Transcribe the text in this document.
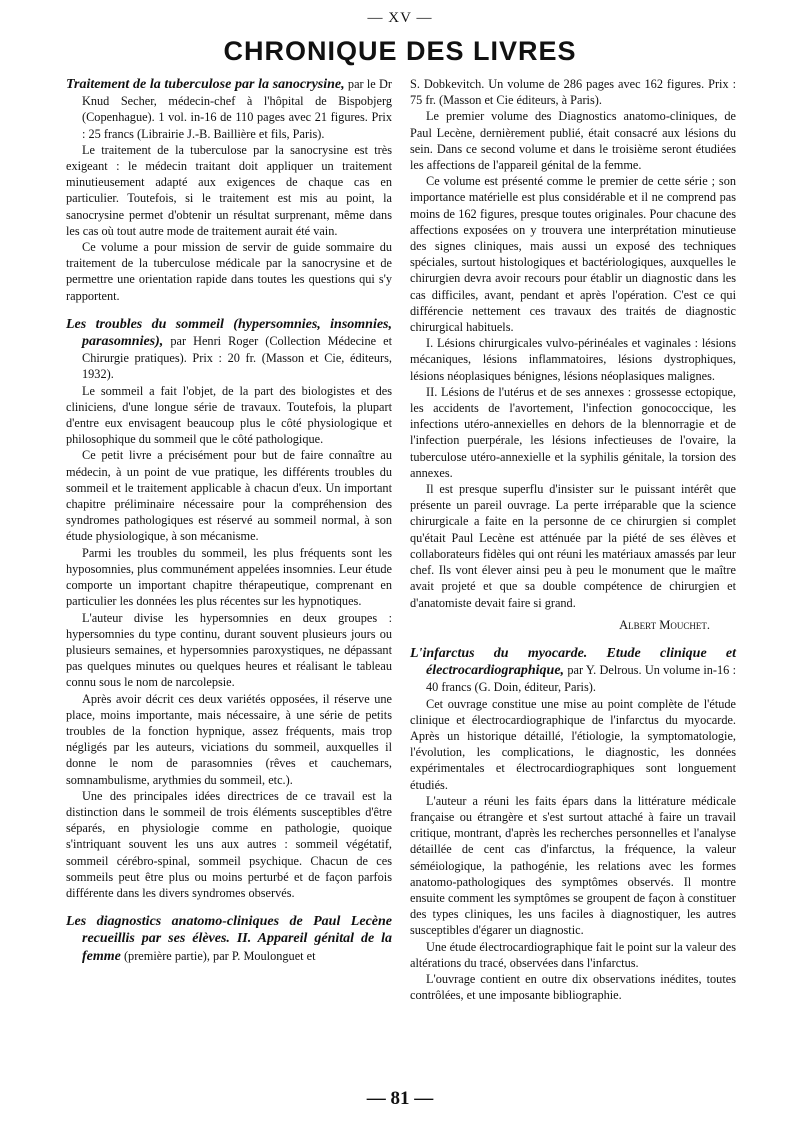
— XV —
CHRONIQUE DES LIVRES

Traitement de la tuberculose par la sanocrysine, par le Dr Knud Secher, médecin-chef à l'hôpital de Bispobjerg (Copenhague). 1 vol. in-16 de 110 pages avec 21 figures. Prix : 25 francs (Librairie J.-B. Baillière et fils, Paris).

Le traitement de la tuberculose par la sanocrysine est très exigeant : le médecin traitant doit appliquer un traitement minutieusement adapté aux exigences de chaque cas en particulier. Toutefois, si le traitement est mis au point, la sanocrysine permet d'obtenir un résultat surprenant, même dans les cas où tout autre mode de traitement aurait été vain.

Ce volume a pour mission de servir de guide sommaire du traitement de la tuberculose médicale par la sanocrysine et de permettre une orientation rapide dans toutes les questions qui s'y rapportent.

Les troubles du sommeil (hypersomnies, insomnies, parasomnies), par Henri Roger (Collection Médecine et Chirurgie pratiques). Prix : 20 fr. (Masson et Cie, éditeurs, 1932).

Le sommeil a fait l'objet, de la part des biologistes et des cliniciens, d'une longue série de travaux. Toutefois, la plupart d'entre eux envisagent beaucoup plus le côté physiologique et philosophique du sommeil que le côté pathologique.

Ce petit livre a précisément pour but de faire connaître au médecin, à un point de vue pratique, les différents troubles du sommeil et le traitement applicable à chacun d'eux. Un important chapitre préliminaire nécessaire pour la compréhension des syndromes pathologiques est réservé au sommeil normal, à son étude physiologique, à son mécanisme.

Parmi les troubles du sommeil, les plus fréquents sont les hyposomnies, plus communément appelées insomnies. Leur étude comporte un important chapitre thérapeutique, comprenant en particulier les données les plus récentes sur les hypnotiques.

L'auteur divise les hypersomnies en deux groupes : hypersomnies du type continu, durant souvent plusieurs jours ou plusieurs semaines, et hypersomnies paroxystiques, ne dépassant pas quelques minutes ou quelques heures et réalisant le tableau connu sous le nom de narcolepsie.

Après avoir décrit ces deux variétés opposées, il réserve une place, moins importante, mais nécessaire, à une série de petits troubles de la fonction hypnique, assez fréquents, mais trop négligés par les auteurs, viciations du sommeil, auxquelles il donne le nom de parasomnies (rêves et cauchemars, somnambulisme, arythmies du sommeil, etc.).

Une des principales idées directrices de ce travail est la distinction dans le sommeil de trois éléments susceptibles d'être séparés, en physiologie comme en pathologie, quoique s'intriquant souvent les uns aux autres : sommeil végétatif, sommeil cérébro-spinal, sommeil psychique. Chacun de ces sommeils peut être plus ou moins perturbé et de façon parfois différente dans les divers syndromes observés.

Les diagnostics anatomo-cliniques de Paul Lecène recueillis par ses élèves. II. Appareil génital de la femme (première partie), par P. Moulonguet et

S. Dobkevitch. Un volume de 286 pages avec 162 figures. Prix : 75 fr. (Masson et Cie éditeurs, à Paris).

Le premier volume des Diagnostics anatomo-cliniques, de Paul Lecène, dernièrement publié, était consacré aux lésions du sein. Dans ce second volume et dans le troisième seront étudiées les affections de l'appareil génital de la femme.

Ce volume est présenté comme le premier de cette série ; son importance matérielle est plus considérable et il ne comprend pas moins de 162 figures, presque toutes originales. Pour chacune des affections exposées on y trouvera une interprétation minutieuse des signes cliniques, mais aussi un exposé des techniques spéciales, surtout histologiques et bactériologiques, auxquelles le chirurgien devra avoir recours pour établir un diagnostic dans les cas difficiles, avant, pendant et après l'opération. C'est ce qui différencie nettement ces travaux des traités de diagnostic chirurgical habituels.

I. Lésions chirurgicales vulvo-périnéales et vaginales : lésions mécaniques, lésions inflammatoires, lésions dystrophiques, lésions néoplasiques bénignes, lésions néoplasiques malignes.

II. Lésions de l'utérus et de ses annexes : grossesse ectopique, les accidents de l'avortement, l'infection gonococcique, les infections utéro-annexielles en dehors de la blennorragie et de l'infection puerpérale, les lésions infectieuses de l'ovaire, la tuberculose utéro-annexielle et la syphilis génitale, la torsion des annexes.

Il est presque superflu d'insister sur le puissant intérêt que présente un pareil ouvrage. La perte irréparable que la science chirurgicale a faite en la personne de ce chirurgien si complet qu'était Paul Lecène est atténuée par la piété de ses élèves et collaborateurs fidèles qui ont réuni les matériaux amassés par leur chef. Ils vont élever ainsi peu à peu le monument que le maître avait projeté et que sa double compétence de chirurgien et d'anatomiste devait faire si grand.

Albert Mouchet.

L'infarctus du myocarde. Etude clinique et électrocardiographique, par Y. Delrous. Un volume in-16 : 40 francs (G. Doin, éditeur, Paris).

Cet ouvrage constitue une mise au point complète de l'étude clinique et électrocardiographique de l'infarctus du myocarde. Après un historique détaillé, l'étiologie, la symptomatologie, l'évolution, les complications, le diagnostic, les données expérimentales et électrocardiographiques sont longuement étudiés.

L'auteur a réuni les faits épars dans la littérature médicale française ou étrangère et s'est surtout attaché à faire un travail critique, montrant, d'après les recherches personnelles et l'analyse détaillée de cent cas d'infarctus, la fréquence, la valeur séméiologique, la pathogénie, les relations avec les formes anatomo-pathologiques des symptômes observés. Il montre ensuite comment les symptômes se groupent de façon à constituer des types cliniques, les uns faciles à diagnostiquer, les autres susceptibles d'égarer un diagnostic.

Une étude électrocardiographique fait le point sur la valeur des altérations du tracé, observées dans l'infarctus.

L'ouvrage contient en outre dix observations inédites, toutes contrôlées, et une imposante bibliographie.

— 81 —
